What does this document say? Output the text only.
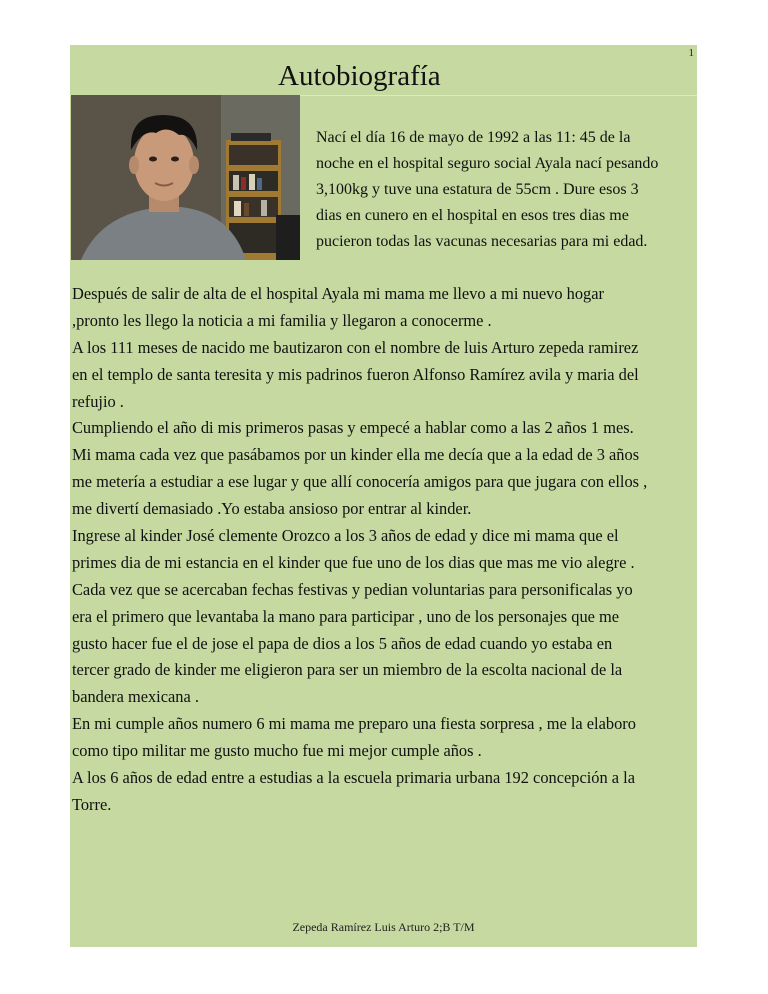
1
Autobiografía
Nací el día 16 de mayo de 1992 a las 11: 45 de la
noche en el hospital seguro social Ayala nací pesando
3,100kg y tuve una estatura de 55cm . Dure esos 3
dias en cunero en el hospital en esos tres dias me
pucieron todas las vacunas necesarias para mi edad.
Después de salir de alta de el hospital Ayala mi mama me llevo a mi nuevo hogar
,pronto les llego la noticia a mi familia y llegaron a conocerme .
A los 111 meses de nacido me bautizaron con el nombre de luis Arturo zepeda ramirez
en el templo de santa teresita y mis padrinos fueron Alfonso Ramírez avila y maria del
refujio .
Cumpliendo el año di mis primeros pasas y empecé a hablar como a las 2 años 1 mes.
Mi mama cada vez que pasábamos por un kinder ella me decía que a la edad de 3 años
me metería a estudiar a ese lugar y que allí conocería amigos para que jugara con ellos ,
me divertí demasiado .Yo estaba ansioso por entrar al kinder.
Ingrese al kinder José clemente Orozco a los 3 años de edad y dice mi mama que el
primes dia de mi estancia en el kinder que fue uno de los dias que mas me vio alegre .
Cada vez que se acercaban fechas festivas y pedian voluntarias para personificalas yo
era el primero que levantaba la mano para participar , uno de los personajes que me
gusto hacer fue el de jose el papa de dios a los 5 años de edad cuando yo estaba en
tercer grado de kinder me eligieron para ser un miembro de la escolta nacional de la
bandera mexicana .
En mi cumple años numero 6 mi mama me preparo una fiesta sorpresa , me la elaboro
como tipo militar me gusto mucho fue mi mejor cumple años .
A los 6 años de edad entre a estudias a la escuela primaria urbana 192 concepción a la
Torre.
Zepeda Ramírez Luis Arturo 2;B T/M
